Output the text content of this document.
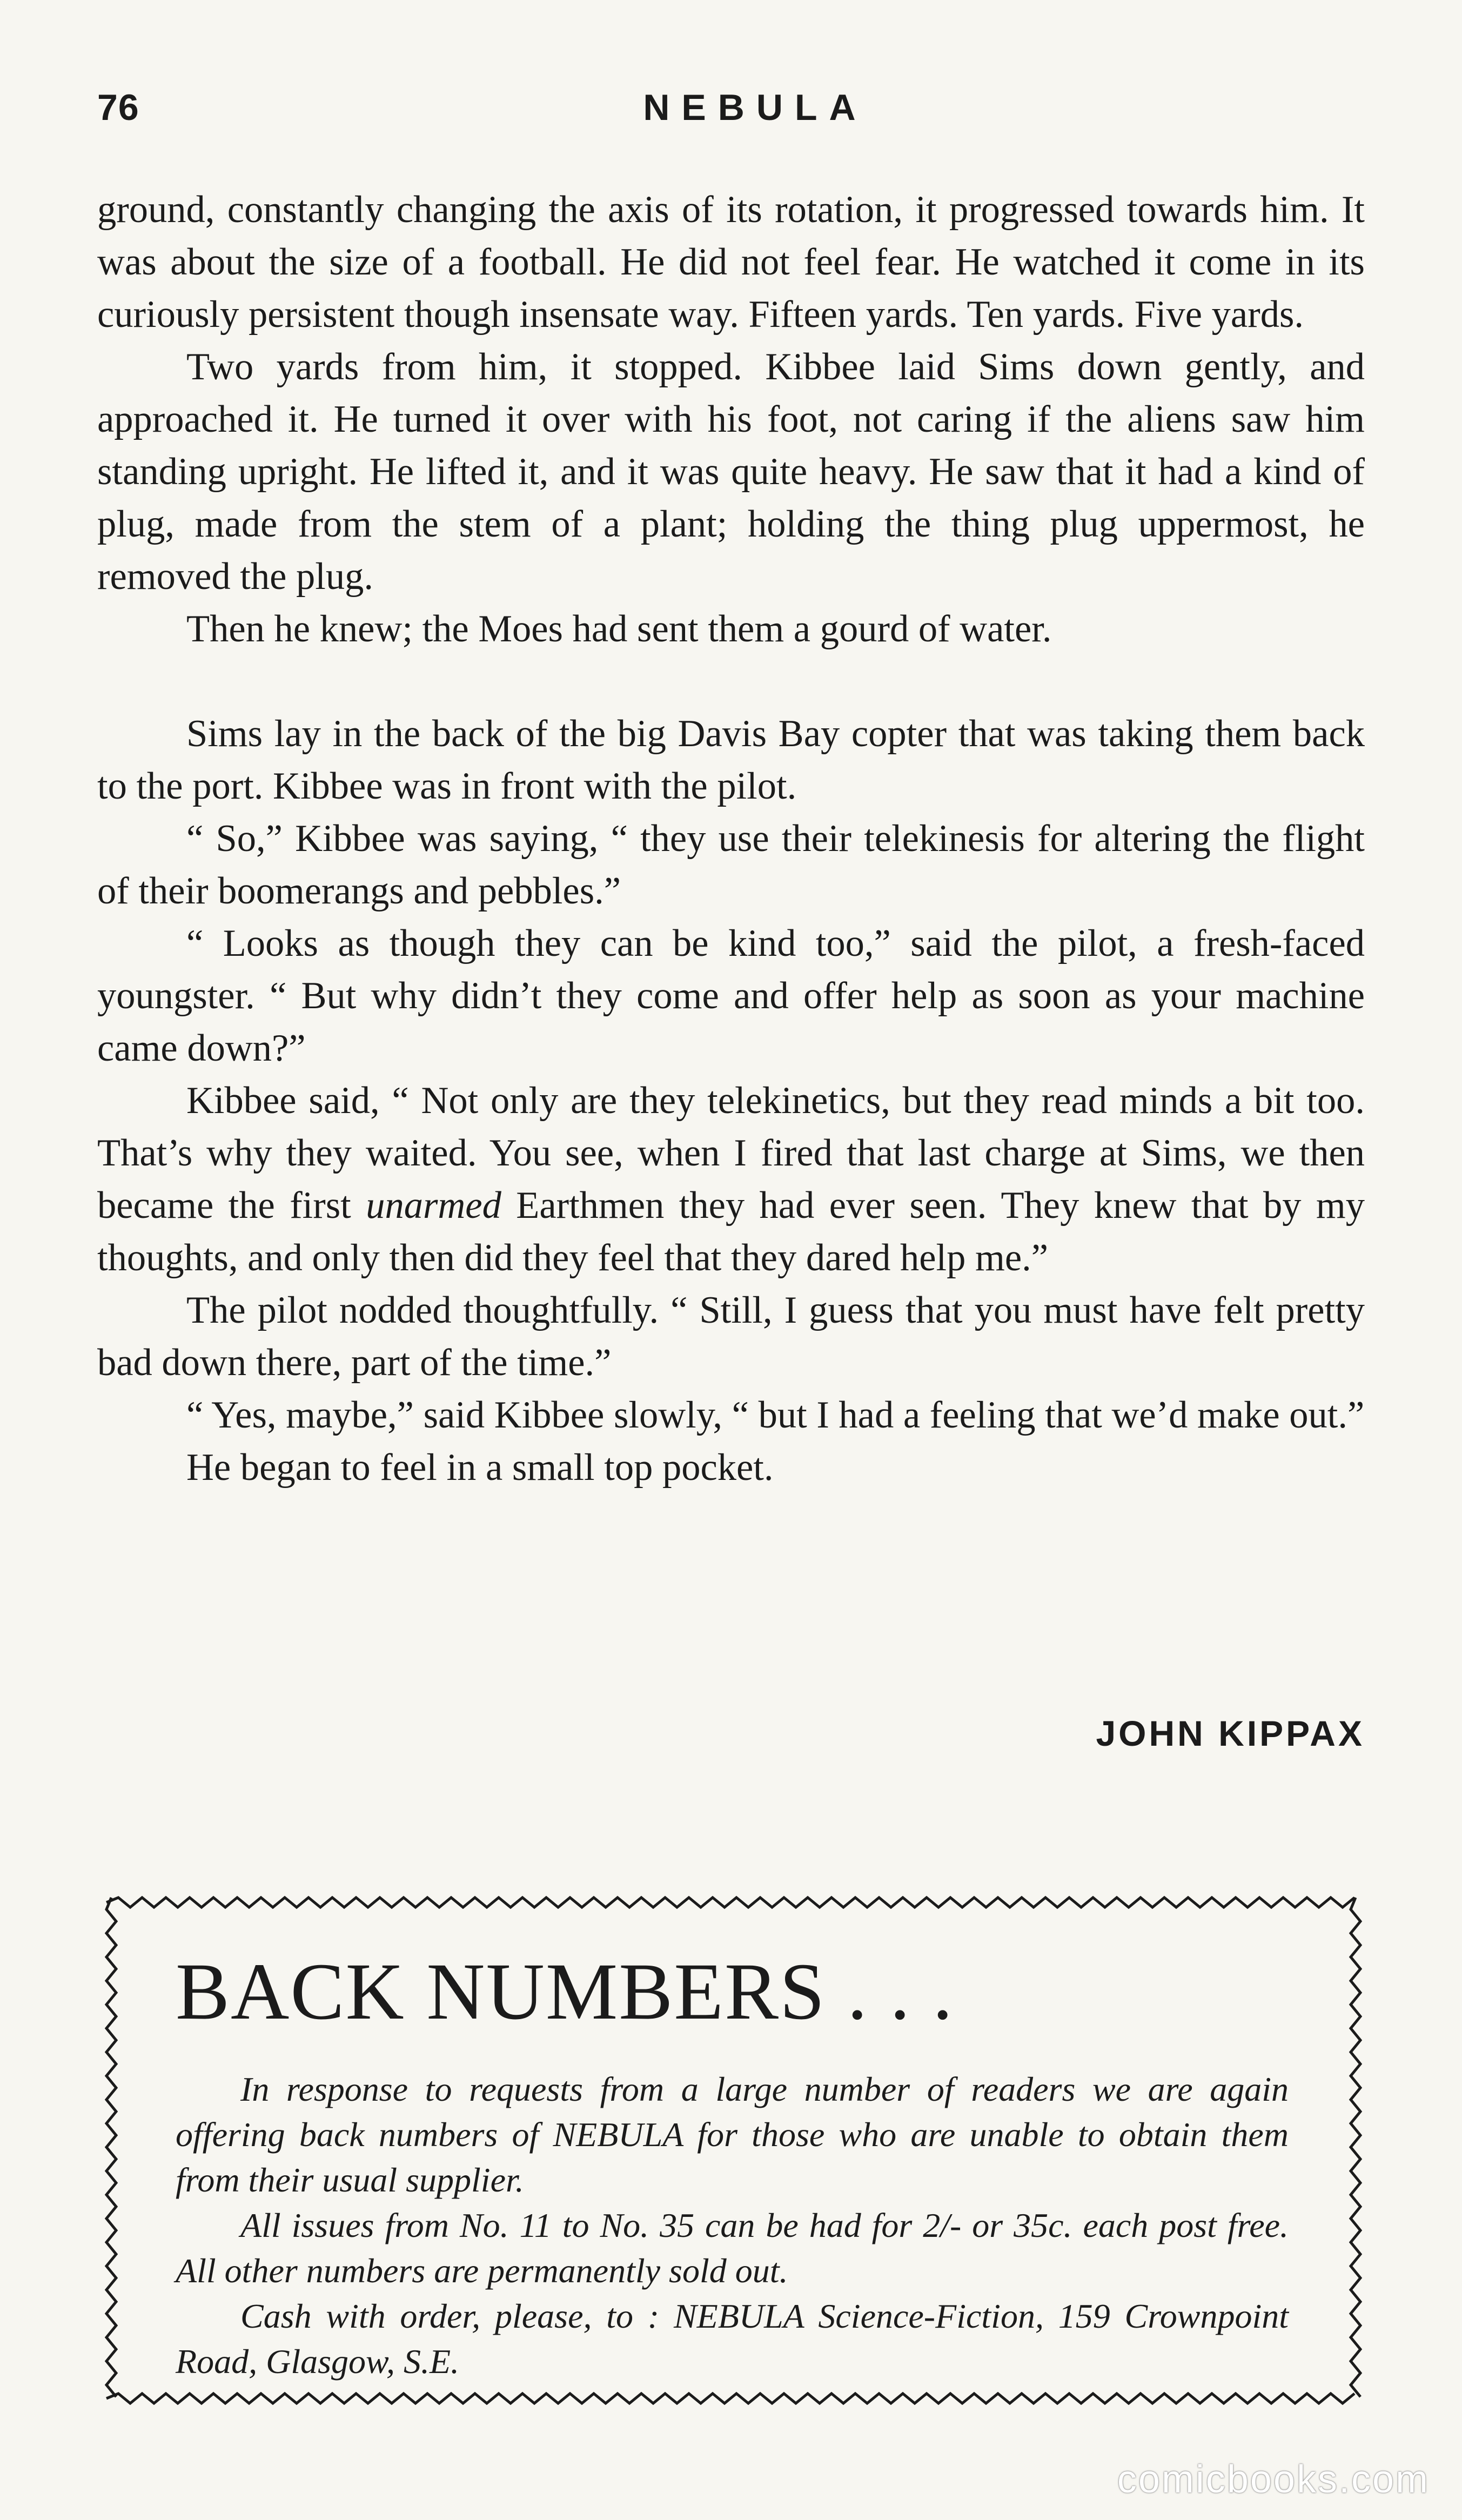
76	NEBULA

ground, constantly changing the axis of its rotation, it progressed towards him. It was about the size of a football. He did not feel fear. He watched it come in its curiously persistent though insensate way. Fifteen yards. Ten yards. Five yards.

Two yards from him, it stopped. Kibbee laid Sims down gently, and approached it. He turned it over with his foot, not caring if the aliens saw him standing upright. He lifted it, and it was quite heavy. He saw that it had a kind of plug, made from the stem of a plant; holding the thing plug uppermost, he removed the plug.

Then he knew; the Moes had sent them a gourd of water.

Sims lay in the back of the big Davis Bay copter that was taking them back to the port. Kibbee was in front with the pilot.

“ So,” Kibbee was saying, “ they use their telekinesis for altering the flight of their boomerangs and pebbles.”

“ Looks as though they can be kind too,” said the pilot, a fresh-faced youngster. “ But why didn’t they come and offer help as soon as your machine came down?”

Kibbee said, “ Not only are they telekinetics, but they read minds a bit too. That’s why they waited. You see, when I fired that last charge at Sims, we then became the first unarmed Earthmen they had ever seen. They knew that by my thoughts, and only then did they feel that they dared help me.”

The pilot nodded thoughtfully. “ Still, I guess that you must have felt pretty bad down there, part of the time.”

“ Yes, maybe,” said Kibbee slowly, “ but I had a feeling that we’d make out.”

He began to feel in a small top pocket.

JOHN KIPPAX
BACK NUMBERS . . .

In response to requests from a large number of readers we are again offering back numbers of NEBULA for those who are unable to obtain them from their usual supplier.

All issues from No. 11 to No. 35 can be had for 2/- or 35c. each post free. All other numbers are permanently sold out.

Cash with order, please, to : NEBULA Science-Fiction, 159 Crownpoint Road, Glasgow, S.E.

comicbooks.com
